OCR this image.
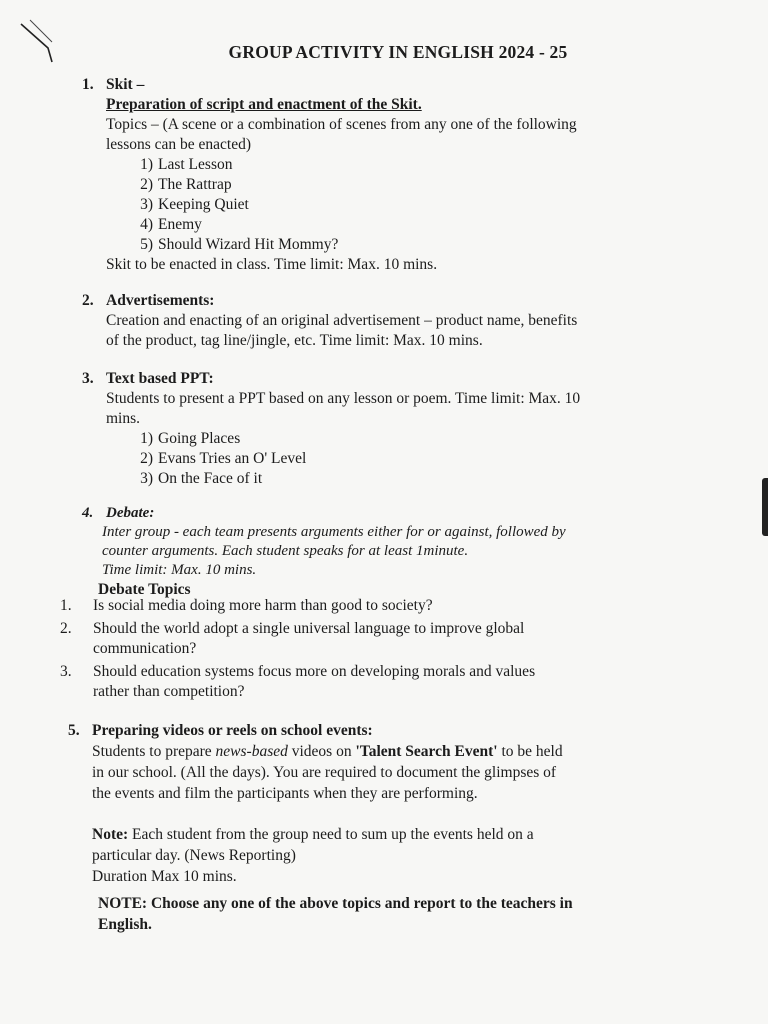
GROUP ACTIVITY IN ENGLISH 2024 - 25
1. Skit –
Preparation of script and enactment of the Skit.
Topics – (A scene or a combination of scenes from any one of the following
lessons can be enacted)
1) Last Lesson
2) The Rattrap
3) Keeping Quiet
4) Enemy
5) Should Wizard Hit Mommy?
Skit to be enacted in class. Time limit: Max. 10 mins.
2. Advertisements:
Creation and enacting of an original advertisement – product name, benefits
of the product, tag line/jingle, etc. Time limit: Max. 10 mins.
3. Text based PPT:
Students to present a PPT based on any lesson or poem. Time limit: Max. 10
mins.
1) Going Places
2) Evans Tries an O' Level
3) On the Face of it
4. Debate:
Inter group - each team presents arguments either for or against, followed by
counter arguments. Each student speaks for at least 1minute.
Time limit: Max. 10 mins.
Debate Topics
1.	Is social media doing more harm than good to society?
2.	Should the world adopt a single universal language to improve global
communication?
3.	Should education systems focus more on developing morals and values
rather than competition?
5. Preparing videos or reels on school events:
Students to prepare news-based videos on 'Talent Search Event' to be held
in our school. (All the days). You are required to document the glimpses of
the events and film the participants when they are performing.
Note: Each student from the group need to sum up the events held on a
particular day. (News Reporting)
Duration Max 10 mins.
NOTE: Choose any one of the above topics and report to the teachers in
English.
